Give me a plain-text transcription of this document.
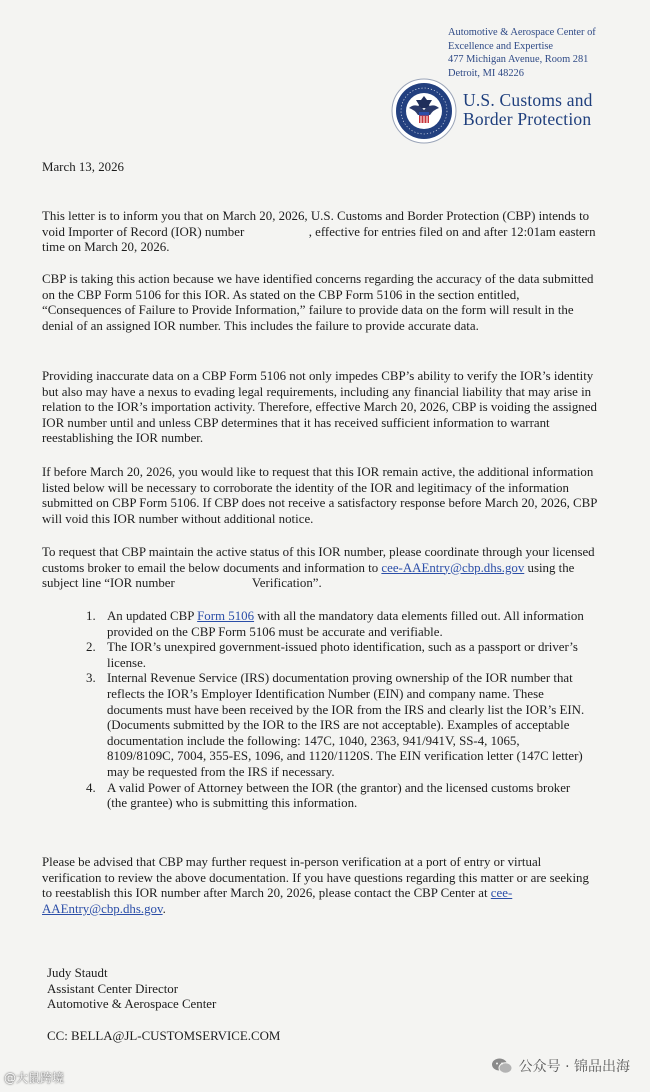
Automotive & Aerospace Center of
Excellence and Expertise
477 Michigan Avenue, Room 281
Detroit, MI 48226
U.S. Customs and
Border Protection
March 13, 2026
This letter is to inform you that on March 20, 2026, U.S. Customs and Border Protection (CBP) intends to void Importer of Record (IOR) number                    , effective for entries filed on and after 12:01am eastern time on March 20, 2026.
CBP is taking this action because we have identified concerns regarding the accuracy of the data submitted on the CBP Form 5106 for this IOR. As stated on the CBP Form 5106 in the section entitled, “Consequences of Failure to Provide Information,” failure to provide data on the form will result in the denial of an assigned IOR number. This includes the failure to provide accurate data.
Providing inaccurate data on a CBP Form 5106 not only impedes CBP’s ability to verify the IOR’s identity but also may have a nexus to evading legal requirements, including any financial liability that may arise in relation to the IOR’s importation activity. Therefore, effective March 20, 2026, CBP is voiding the assigned IOR number until and unless CBP determines that it has received sufficient information to warrant reestablishing the IOR number.
If before March 20, 2026, you would like to request that this IOR remain active, the additional information listed below will be necessary to corroborate the identity of the IOR and legitimacy of the information submitted on CBP Form 5106. If CBP does not receive a satisfactory response before March 20, 2026, CBP will void this IOR number without additional notice.
To request that CBP maintain the active status of this IOR number, please coordinate through your licensed customs broker to email the below documents and information to cee-AAEntry@cbp.dhs.gov using the subject line “IOR number                        Verification”.
1. An updated CBP Form 5106 with all the mandatory data elements filled out. All information provided on the CBP Form 5106 must be accurate and verifiable.
2. The IOR’s unexpired government-issued photo identification, such as a passport or driver’s license.
3. Internal Revenue Service (IRS) documentation proving ownership of the IOR number that reflects the IOR’s Employer Identification Number (EIN) and company name. These documents must have been received by the IOR from the IRS and clearly list the IOR’s EIN. (Documents submitted by the IOR to the IRS are not acceptable). Examples of acceptable documentation include the following: 147C, 1040, 2363, 941/941V, SS-4, 1065, 8109/8109C, 7004, 355-ES, 1096, and 1120/1120S. The EIN verification letter (147C letter) may be requested from the IRS if necessary.
4. A valid Power of Attorney between the IOR (the grantor) and the licensed customs broker (the grantee) who is submitting this information.
Please be advised that CBP may further request in-person verification at a port of entry or virtual verification to review the above documentation. If you have questions regarding this matter or are seeking to reestablish this IOR number after March 20, 2026, please contact the CBP Center at cee-AAEntry@cbp.dhs.gov.
Judy Staudt
Assistant Center Director
Automotive & Aerospace Center
CC: BELLA@JL-CUSTOMSERVICE.COM
公众号 · 锦品出海
@大鼠跨境
